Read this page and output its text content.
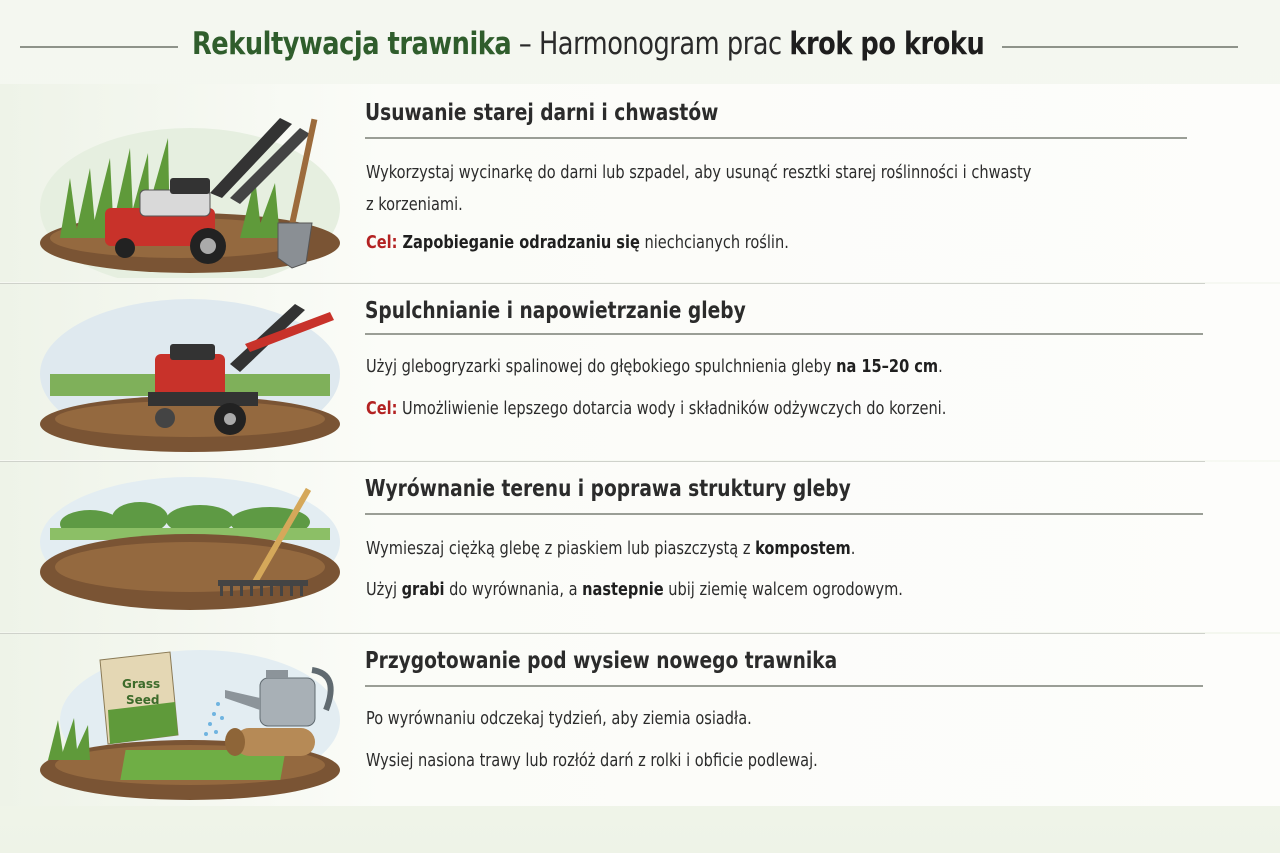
Rekultywacja trawnika – Harmonogram prac krok po kroku
Usuwanie starej darni i chwastów
Wykorzystaj wycinarkę do darni lub szpadel, aby usunąć resztki starej roślinności i chwasty
z korzeniami.
Cel: Zapobieganie odradzaniu się niechcianych roślin.
Spulchnianie i napowietrzanie gleby
Użyj glebogryzarki spalinowej do głębokiego spulchnienia gleby na 15–20 cm.
Cel: Umożliwienie lepszego dotarcia wody i składników odżywczych do korzeni.
Wyrównanie terenu i poprawa struktury gleby
Wymieszaj ciężką glebę z piaskiem lub piaszczystą z kompostem.
Użyj grabi do wyrównania, a nastepnie ubij ziemię walcem ogrodowym.
Grass
Seed
Przygotowanie pod wysiew nowego trawnika
Po wyrównaniu odczekaj tydzień, aby ziemia osiadła.
Wysiej nasiona trawy lub rozłóż darń z rolki i obficie podlewaj.
